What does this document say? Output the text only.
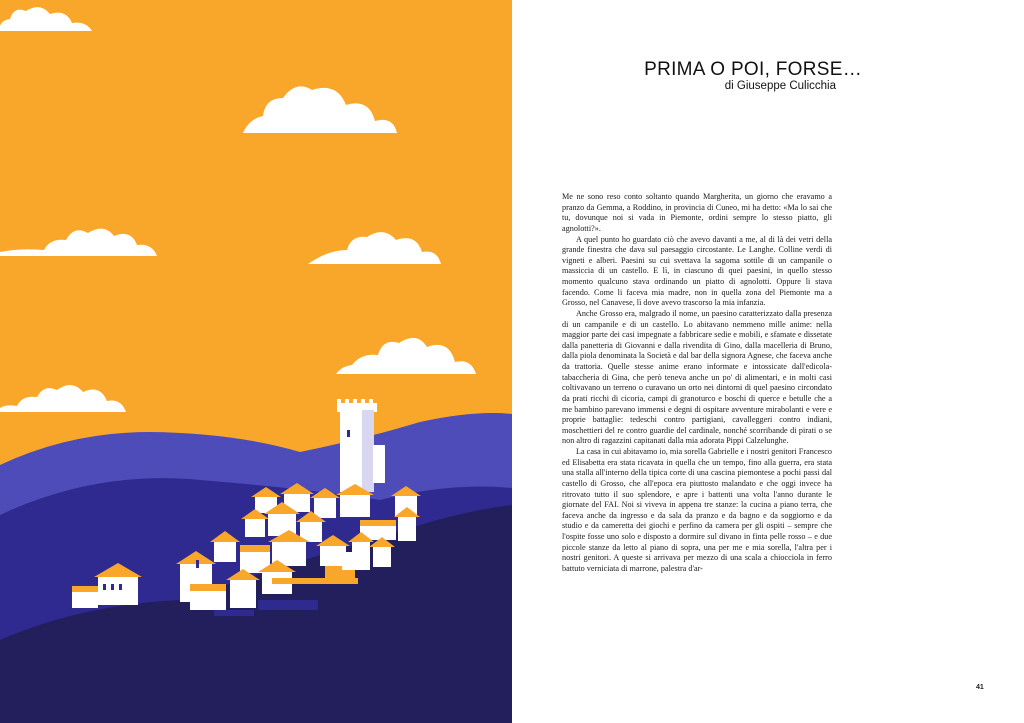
PRIMA O POI, FORSE…
di Giuseppe Culicchia

Me ne sono reso conto soltanto quando Margherita, un giorno che eravamo a pranzo da Gemma, a Roddino, in provincia di Cuneo, mi ha detto: «Ma lo sai che tu, dovunque noi si vada in Piemonte, ordini sempre lo stesso piatto, gli agnolotti?».

A quel punto ho guardato ciò che avevo davanti a me, al di là dei vetri della grande finestra che dava sul paesaggio circostante. Le Langhe. Colline verdi di vigneti e alberi. Paesini su cui svettava la sagoma sottile di un campanile o massiccia di un castello. E lì, in ciascuno di quei paesini, in quello stesso momento qualcuno stava ordinando un piatto di agnolotti. Oppure li stava facendo. Come li faceva mia madre, non in quella zona del Piemonte ma a Grosso, nel Canavese, lì dove avevo trascorso la mia infanzia.

Anche Grosso era, malgrado il nome, un paesino caratterizzato dalla presenza di un campanile e di un castello. Lo abitavano nemmeno mille anime: nella maggior parte dei casi impegnate a fabbricare sedie e mobili, e sfamate e dissetate dalla panetteria di Giovanni e dalla rivendita di Gino, dalla macelleria di Bruno, dalla piola denominata la Società e dal bar della signora Agnese, che faceva anche da trattoria. Quelle stesse anime erano informate e intossicate dall'edicola-tabaccheria di Gina, che però teneva anche un po' di alimentari, e in molti casi coltivavano un terreno o curavano un orto nei dintorni di quel paesino circondato da prati ricchi di cicoria, campi di granoturco e boschi di querce e betulle che a me bambino parevano immensi e degni di ospitare avventure mirabolanti e vere e proprie battaglie: tedeschi contro partigiani, cavalleggeri contro indiani, moschettieri del re contro guardie del cardinale, nonché scorribande di pirati o se non altro di ragazzini capitanati dalla mia adorata Pippi Calzelunghe.

La casa in cui abitavamo io, mia sorella Gabrielle e i nostri genitori Francesco ed Elisabetta era stata ricavata in quella che un tempo, fino alla guerra, era stata una stalla all'interno della tipica corte di una cascina piemontese a pochi passi dal castello di Grosso, che all'epoca era piuttosto malandato e che oggi invece ha ritrovato tutto il suo splendore, e apre i battenti una volta l'anno durante le giornate del FAI. Noi si viveva in appena tre stanze: la cucina a piano terra, che faceva anche da ingresso e da sala da pranzo e da bagno e da soggiorno e da studio e da cameretta dei giochi e perfino da camera per gli ospiti – sempre che l'ospite fosse uno solo e disposto a dormire sul divano in finta pelle rosso – e due piccole stanze da letto al piano di sopra, una per me e mia sorella, l'altra per i nostri genitori. A queste si arrivava per mezzo di una scala a chiocciola in ferro battuto verniciata di marrone, palestra d'ar-

41
